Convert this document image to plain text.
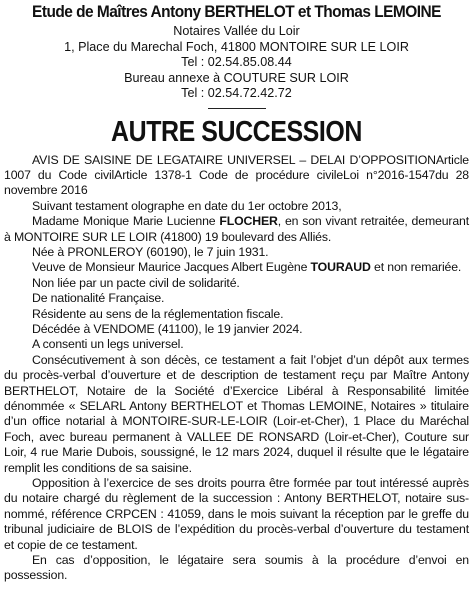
Etude de Maîtres Antony BERTHELOT et Thomas LEMOINE
Notaires Vallée du Loir
1, Place du Marechal Foch, 41800 MONTOIRE SUR LE LOIR
Tel : 02.54.85.08.44
Bureau annexe à COUTURE SUR LOIR
Tel : 02.54.72.42.72
AUTRE SUCCESSION

AVIS DE SAISINE DE LEGATAIRE UNIVERSEL – DELAI D’OPPOSITIONArticle 1007 du Code civilArticle 1378-1 Code de procédure civileLoi n°2016-1547du 28 novembre 2016

Suivant testament olographe en date du 1er octobre 2013,

Madame Monique Marie Lucienne FLOCHER, en son vivant retraitée, demeurant à MONTOIRE SUR LE LOIR (41800) 19 boulevard des Alliés.

Née à PRONLEROY (60190), le 7 juin 1931.

Veuve de Monsieur Maurice Jacques Albert Eugène TOURAUD et non remariée.

Non liée par un pacte civil de solidarité.

De nationalité Française.

Résidente au sens de la réglementation fiscale.

Décédée à VENDOME (41100), le 19 janvier 2024.

A consenti un legs universel.

Consécutivement à son décès, ce testament a fait l’objet d’un dépôt aux termes du procès-verbal d’ouverture et de description de testament reçu par Maître Antony BERTHELOT, Notaire de la Société d’Exercice Libéral à Responsabilité limitée dénommée « SELARL Antony BERTHELOT et Thomas LEMOINE, Notaires » titulaire d’un office notarial à MONTOIRE-SUR-LE-LOIR (Loir-et-Cher), 1 Place du Maréchal Foch, avec bureau permanent à VALLEE DE RONSARD (Loir-et-Cher), Couture sur Loir, 4 rue Marie Dubois, soussigné, le 12 mars 2024, duquel il résulte que le légataire remplit les conditions de sa saisine.

Opposition à l’exercice de ses droits pourra être formée par tout intéressé auprès du notaire chargé du règlement de la succession : Antony BERTHELOT, notaire sus-nommé, référence CRPCEN : 41059, dans le mois suivant la réception par le greffe du tribunal judiciaire de BLOIS de l’expédition du procès-verbal d’ouverture du testament et copie de ce testament.

En cas d’opposition, le légataire sera soumis à la procédure d’envoi en possession.
